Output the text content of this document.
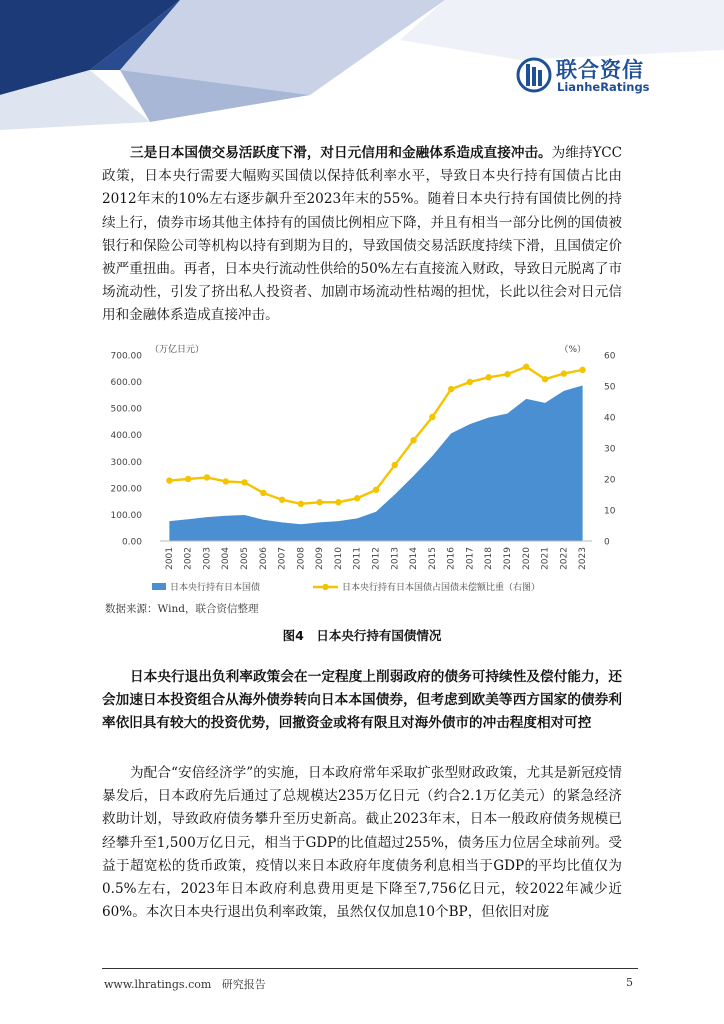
联合资信
LianheRatings

三是日本国债交易活跃度下滑，对日元信用和金融体系造成直接冲击。为维持YCC政策，日本央行需要大幅购买国债以保持低利率水平，导致日本央行持有国债占比由2012年末的10%左右逐步飙升至2023年末的55%。随着日本央行持有国债比例的持续上行，债券市场其他主体持有的国债比例相应下降，并且有相当一部分比例的国债被银行和保险公司等机构以持有到期为目的，导致国债交易活跃度持续下滑，且国债定价被严重扭曲。再者，日本央行流动性供给的50%左右直接流入财政，导致日元脱离了市场流动性，引发了挤出私人投资者、加剧市场流动性枯竭的担忧，长此以往会对日元信用和金融体系造成直接冲击。

0.00
100.00
200.00
300.00
400.00
500.00
600.00
700.00
0
10
20
30
40
50
60
（万亿日元）	（%）
2001 2002 2003 2004 2005 2006 2007 2008 2009 2010 2011 2012 2013 2014 2015 2016 2017 2018 2019 2020 2021 2022 2023
日本央行持有日本国债	日本央行持有日本国债占国债未偿额比重（右图）
数据来源：Wind，联合资信整理
图4　日本央行持有国债情况

日本央行退出负利率政策会在一定程度上削弱政府的债务可持续性及偿付能力，还会加速日本投资组合从海外债券转向日本本国债券，但考虑到欧美等西方国家的债券利率依旧具有较大的投资优势，回撤资金或将有限且对海外债市的冲击程度相对可控

为配合“安倍经济学”的实施，日本政府常年采取扩张型财政政策，尤其是新冠疫情暴发后，日本政府先后通过了总规模达235万亿日元（约合2.1万亿美元）的紧急经济救助计划，导致政府债务攀升至历史新高。截止2023年末，日本一般政府债务规模已经攀升至1,500万亿日元，相当于GDP的比值超过255%，债务压力位居全球前列。受益于超宽松的货币政策，疫情以来日本政府年度债务利息相当于GDP的平均比值仅为0.5%左右，2023年日本政府利息费用更是下降至7,756亿日元，较2022年减少近60%。本次日本央行退出负利率政策，虽然仅仅加息10个BP，但依旧对庞

www.lhratings.com 研究报告	5
